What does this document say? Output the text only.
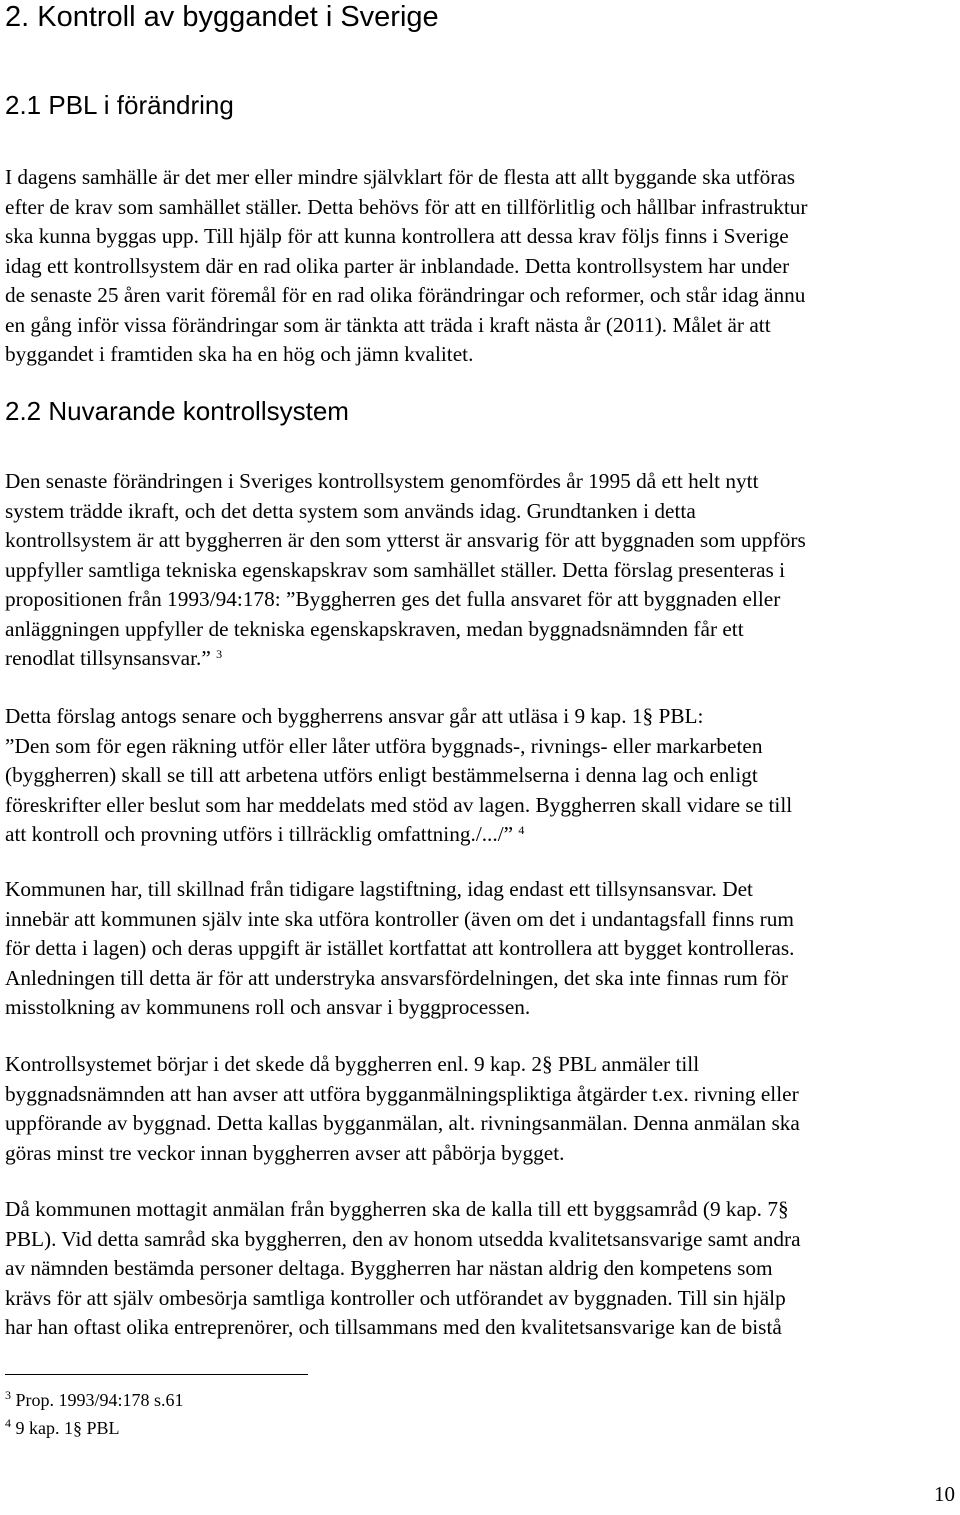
2. Kontroll av byggandet i Sverige
2.1 PBL i förändring
I dagens samhälle är det mer eller mindre självklart för de flesta att allt byggande ska utföras
efter de krav som samhället ställer. Detta behövs för att en tillförlitlig och hållbar infrastruktur
ska kunna byggas upp. Till hjälp för att kunna kontrollera att dessa krav följs finns i Sverige
idag ett kontrollsystem där en rad olika parter är inblandade. Detta kontrollsystem har under
de senaste 25 åren varit föremål för en rad olika förändringar och reformer, och står idag ännu
en gång inför vissa förändringar som är tänkta att träda i kraft nästa år (2011). Målet är att
byggandet i framtiden ska ha en hög och jämn kvalitet.
2.2 Nuvarande kontrollsystem
Den senaste förändringen i Sveriges kontrollsystem genomfördes år 1995 då ett helt nytt
system trädde ikraft, och det detta system som används idag. Grundtanken i detta
kontrollsystem är att byggherren är den som ytterst är ansvarig för att byggnaden som uppförs
uppfyller samtliga tekniska egenskapskrav som samhället ställer. Detta förslag presenteras i
propositionen från 1993/94:178: ”Byggherren ges det fulla ansvaret för att byggnaden eller
anläggningen uppfyller de tekniska egenskapskraven, medan byggnadsnämnden får ett
renodlat tillsynsansvar.” $^3$
Detta förslag antogs senare och byggherrens ansvar går att utläsa i 9 kap. 1§ PBL:
”Den som för egen räkning utför eller låter utföra byggnads-, rivnings- eller markarbeten
(byggherren) skall se till att arbetena utförs enligt bestämmelserna i denna lag och enligt
föreskrifter eller beslut som har meddelats med stöd av lagen. Byggherren skall vidare se till
att kontroll och provning utförs i tillräcklig omfattning./.../” $^4$
Kommunen har, till skillnad från tidigare lagstiftning, idag endast ett tillsynsansvar. Det
innebär att kommunen själv inte ska utföra kontroller (även om det i undantagsfall finns rum
för detta i lagen) och deras uppgift är istället kortfattat att kontrollera att bygget kontrolleras.
Anledningen till detta är för att understryka ansvarsfördelningen, det ska inte finnas rum för
misstolkning av kommunens roll och ansvar i byggprocessen.
Kontrollsystemet börjar i det skede då byggherren enl. 9 kap. 2§ PBL anmäler till
byggnadsnämnden att han avser att utföra bygganmälningspliktiga åtgärder t.ex. rivning eller
uppförande av byggnad. Detta kallas bygganmälan, alt. rivningsanmälan. Denna anmälan ska
göras minst tre veckor innan byggherren avser att påbörja bygget.
Då kommunen mottagit anmälan från byggherren ska de kalla till ett byggsamråd (9 kap. 7§
PBL). Vid detta samråd ska byggherren, den av honom utsedda kvalitetsansvarige samt andra
av nämnden bestämda personer deltaga. Byggherren har nästan aldrig den kompetens som
krävs för att själv ombesörja samtliga kontroller och utförandet av byggnaden. Till sin hjälp
har han oftast olika entreprenörer, och tillsammans med den kvalitetsansvarige kan de bistå
$^3$ Prop. 1993/94:178 s.61
$^4$ 9 kap. 1§ PBL
10
